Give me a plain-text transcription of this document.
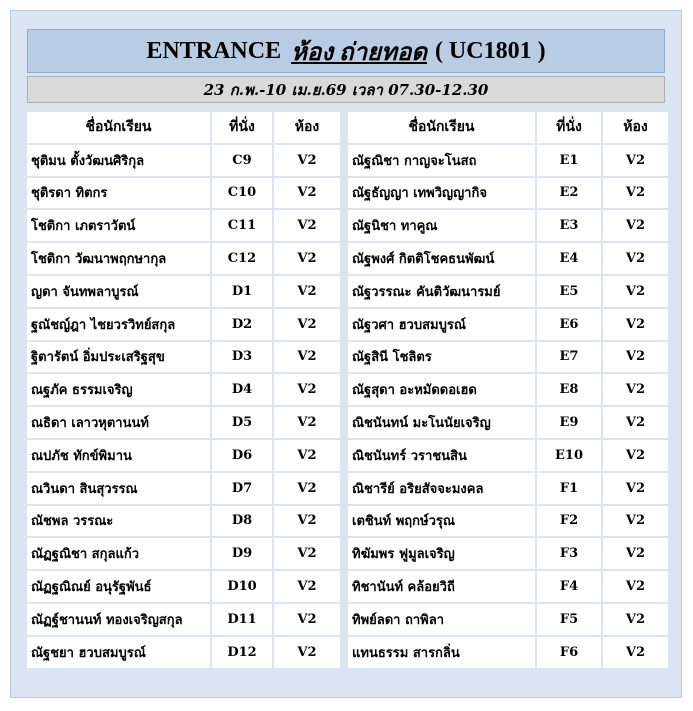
ENTRANCE ห้อง ถ่ายทอด ( UC1801 )
23 ก.พ.-10 เม.ย.69 เวลา 07.30-12.30
ชื่อนักเรียน	ที่นั่ง	ห้อง
ชุติมน ตั้งวัฒนศิริกุล	C9	V2
ชุติรดา ทิตกร	C10	V2
โชติกา เภตราวัตน์	C11	V2
โชติกา วัฒนาพฤกษากุล	C12	V2
ญดา จันทพลาบูรณ์	D1	V2
ฐณัชญ์ฎา ไชยวรวิทย์สกุล	D2	V2
ฐิตารัตน์ อิ่มประเสริฐสุข	D3	V2
ณฐภัค ธรรมเจริญ	D4	V2
ณธิดา เลาวหุตานนท์	D5	V2
ณปภัช ทักข์พิมาน	D6	V2
ณวินดา สินสุวรรณ	D7	V2
ณัชพล วรรณะ	D8	V2
ณัฏฐณิชา สกุลแก้ว	D9	V2
ณัฏฐณิณย์ อนุรัฐพันธ์	D10	V2
ณัฏฐ์ชานนท์ ทองเจริญสกุล	D11	V2
ณัฐชยา ฮวบสมบูรณ์	D12	V2
ชื่อนักเรียน	ที่นั่ง	ห้อง
ณัฐณิชา กาญจะโนสถ	E1	V2
ณัฐธัญญา เทพวิญญากิจ	E2	V2
ณัฐนิชา ทาคูณ	E3	V2
ณัฐพงศ์ กิตติโชคธนพัฒน์	E4	V2
ณัฐวรรณะ คันติวัฒนารมย์	E5	V2
ณัฐวศา ฮวบสมบูรณ์	E6	V2
ณัฐสินี โชลิตร	E7	V2
ณัฐสุดา อะหมัดดอเฮด	E8	V2
ณิชนันทน์ มะโนนัยเจริญ	E9	V2
ณิชนันทร์ วราชนสิน	E10	V2
ณิชารีย์ อริยสัจจะมงคล	F1	V2
เตชินท์ พฤกษ์วรุณ	F2	V2
ทิฆัมพร ฟูมูลเจริญ	F3	V2
ทิชานันท์ คล้อยวิถี	F4	V2
ทิพย์ลดา ถาพิลา	F5	V2
แทนธรรม สารกลิ่น	F6	V2
